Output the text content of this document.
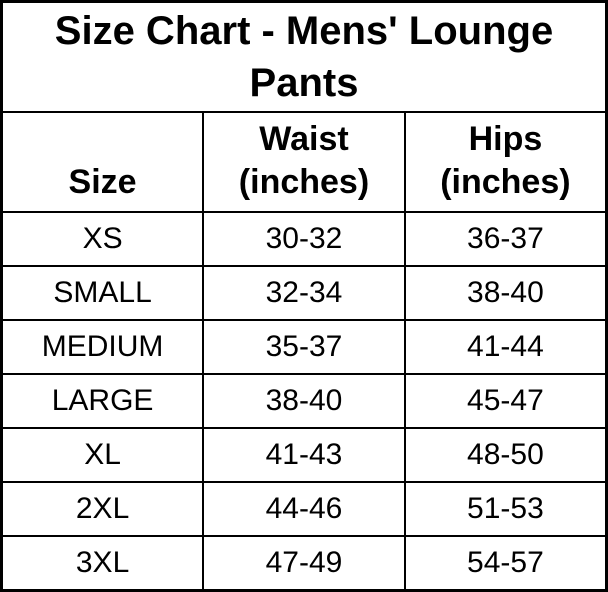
Size Chart - Mens' Lounge Pants		
Size	Waist (inches)	Hips (inches)
XS	30-32	36-37
SMALL	32-34	38-40
MEDIUM	35-37	41-44
LARGE	38-40	45-47
XL	41-43	48-50
2XL	44-46	51-53
3XL	47-49	54-57
